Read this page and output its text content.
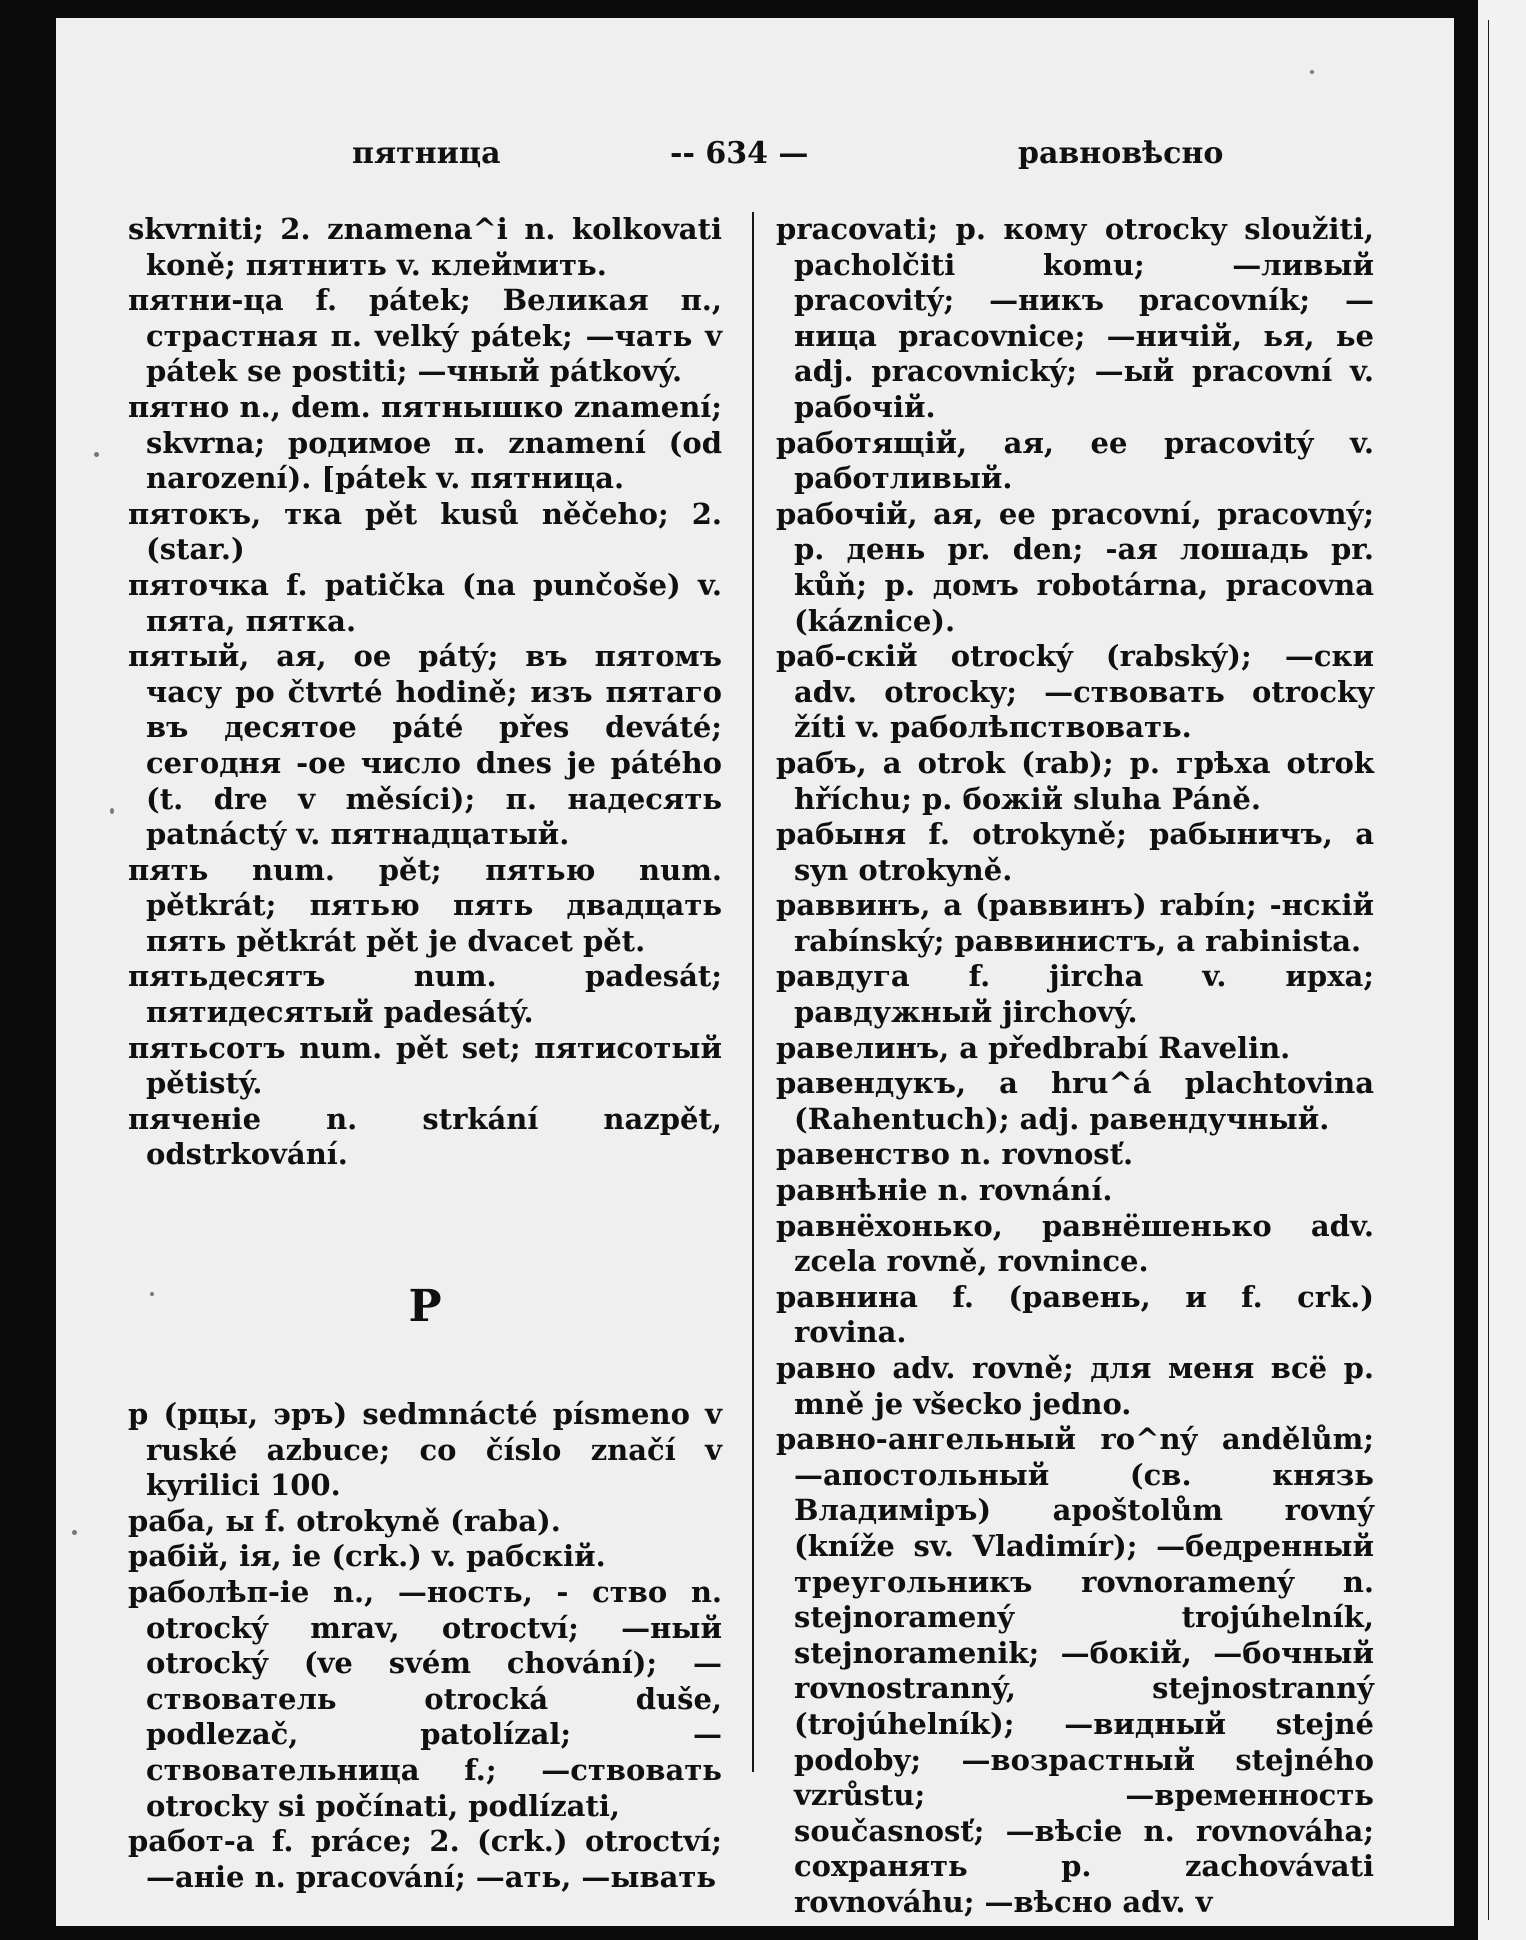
пятница	-- 634 —	равновѣсно

skvrniti; 2. znamena^i n. kolkovati koně; пятнить v. клеймить.

пятни-ца f. pátek; Великая п., страстная п. velký pátek; —чать v pátek se postiti; —чный pátkový.

пятно n., dem. пятнышко znamení; skvrna; родимое п. znamení (od narození). [pátek v. пятница.

пятокъ, тка pět kusů něčeho; 2. (star.)

пяточка f. patička (na punčoše) v. пята, пятка.

пятый, ая, ое pátý; въ пятомъ часу po čtvrté hodině; изъ пятаго въ десятое páté přes deváté; сегодня -ое число dnes je pátého (t. dre v měsíci); п. надесять patnáctý v. пятнадцатый.

пять num. pět; пятью num. pětkrát; пятью пять двадцать пять pětkrát pět je dvacet pět.

пятьдесятъ num. padesát; пятидесятый padesátý.

пятьсотъ num. pět set; пятисотый pětistý.

пяченіе n. strkání nazpět, odstrkování.

Р

р (рцы, эръ) sedmnácté písmeno v ruské azbuce; co číslo značí v kyrilici 100.

раба, ы f. otrokyně (raba).

рабій, ія, іе (crk.) v. рабскій.

раболѣп-іе n., —ность, - ство n. otrocký mrav, otroctví; —ный otrocký (ve svém chování); —ствователь otrocká duše, podlezač, patolízal; —ствовательница f.; —ствовать otrocky si počínati, podlízati,

работ-а f. práce; 2. (crk.) otroctví; —аніе n. pracování; —ать, —ывать

pracovati; p. кому otrocky sloužiti, pacholčiti komu; —ливый pracovitý; —никъ pracovník; —ница pracovnice; —ничій, ья, ье adj. pracovnický; —ый pracovní v. рабочій.

работящій, ая, ее pracovitý v. работливый.

рабочій, ая, ее pracovní, pracovný; p. день pr. den; -ая лошадь pr. kůň; p. домъ robotárna, pracovna (káznice).

раб-скій otrocký (rabský); —ски adv. otrocky; —ствовать otrocky žíti v. раболѣпствовать.

рабъ, а otrok (rab); p. грѣха otrok hříchu; p. божій sluha Páně.

рабыня f. otrokyně; рабыничъ, а syn otrokyně.

раввинъ, а (раввинъ) rabín; -нскій rabínský; раввинистъ, а rabinista.

равдуга f. jircha v. ирха; равдужный jirchový.

равелинъ, а předbrabí Ravelin.

равендукъ, а hru^á plachtovina (Rahentuch); adj. равендучный.

равенство n. rovnosť.

равнѣніе n. rovnání.

равнёхонько, равнёшенько adv. zcela rovně, rovnince.

равнина f. (равень, и f. crk.) rovina.

равно adv. rovně; для меня всё p. mně je všecko jedno.

равно-ангельный ro^ný andělům; —апостольный (св. князь Владиміръ) apoštolům rovný (kníže sv. Vladimír); —бедренный треугольникъ rovnoramený n. stejnoramený trojúhelník, stejnoramenik; —бокій, —бочный rovnostranný, stejnostranný (trojúhelník); —видный stejné podoby; —возрастный stejného vzrůstu; —временность současnosť; —вѣсіе n. rovnováha; сохранять p. zachovávati rovnováhu; —вѣсно adv. v
